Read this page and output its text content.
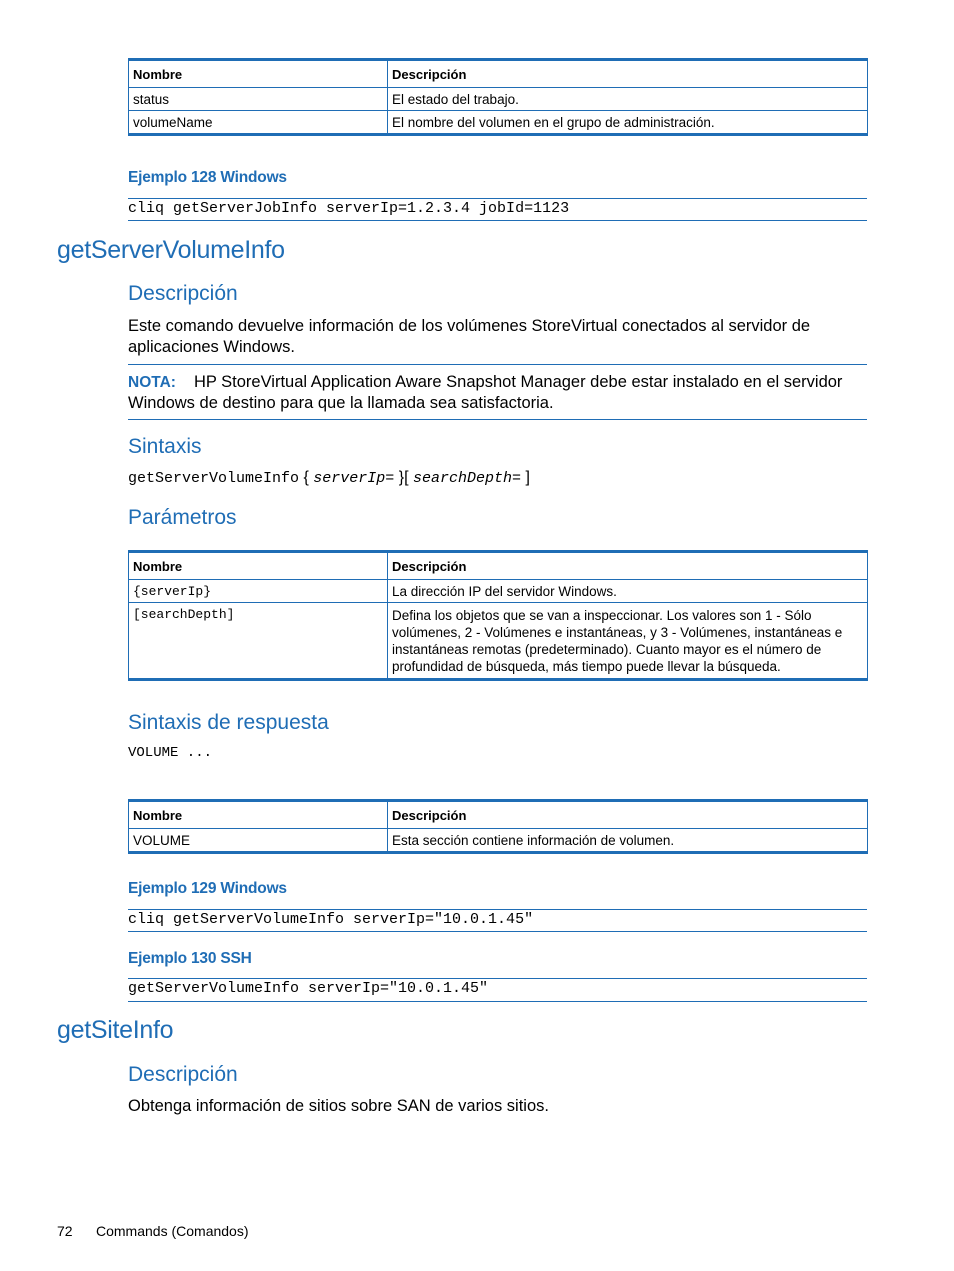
Nombre	Descripción
status	El estado del trabajo.
volumeName	El nombre del volumen en el grupo de administración.
Ejemplo 128 Windows
cliq getServerJobInfo serverIp=1.2.3.4 jobId=1123
getServerVolumeInfo
Descripción
Este comando devuelve información de los volúmenes StoreVirtual conectados al servidor de aplicaciones Windows.
NOTA: HP StoreVirtual Application Aware Snapshot Manager debe estar instalado en el servidor Windows de destino para que la llamada sea satisfactoria.
Sintaxis
getServerVolumeInfo { serverIp= }[ searchDepth= ]
Parámetros
Nombre	Descripción
{serverIp}	La dirección IP del servidor Windows.
[searchDepth]	Defina los objetos que se van a inspeccionar. Los valores son 1 - Sólo volúmenes, 2 - Volúmenes e instantáneas, y 3 - Volúmenes, instantáneas e instantáneas remotas (predeterminado). Cuanto mayor es el número de profundidad de búsqueda, más tiempo puede llevar la búsqueda.
Sintaxis de respuesta
VOLUME ...
Nombre	Descripción
VOLUME	Esta sección contiene información de volumen.
Ejemplo 129 Windows
cliq getServerVolumeInfo serverIp="10.0.1.45"
Ejemplo 130 SSH
getServerVolumeInfo serverIp="10.0.1.45"
getSiteInfo
Descripción
Obtenga información de sitios sobre SAN de varios sitios.
72 Commands (Comandos)
